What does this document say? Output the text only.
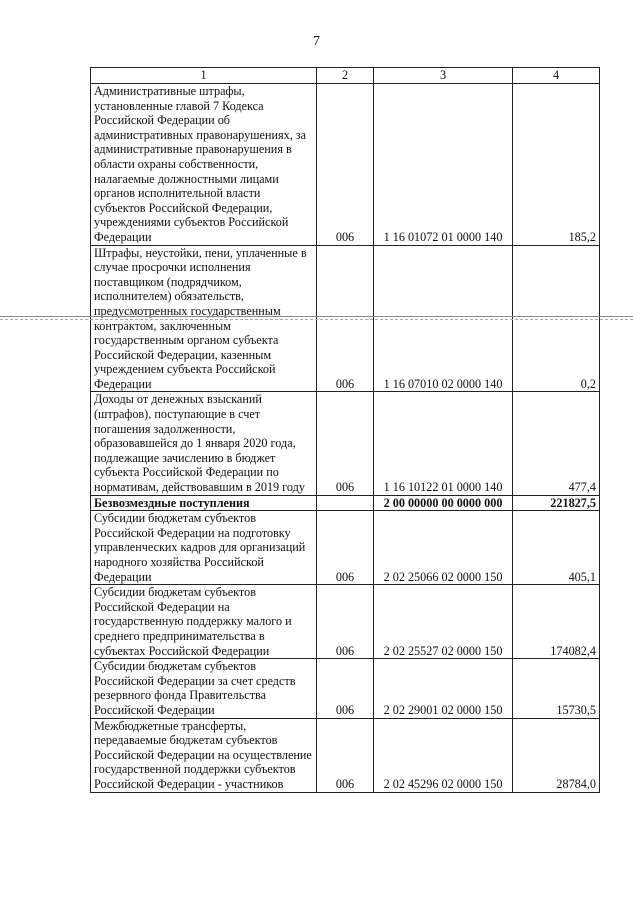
7
1	2	3	4
Административные штрафы, установленные главой 7 Кодекса Российской Федерации об административных правонарушениях, за административные правонарушения в области охраны собственности, налагаемые должностными лицами органов исполнительной власти субъектов Российской Федерации, учреждениями субъектов Российской Федерации	006	1 16 01072 01 0000 140	185,2
Штрафы, неустойки, пени, уплаченные в случае просрочки исполнения поставщиком (подрядчиком, исполнителем) обязательств, предусмотренных государственным контрактом, заключенным государственным органом субъекта Российской Федерации, казенным учреждением субъекта Российской Федерации	006	1 16 07010 02 0000 140	0,2
Доходы от денежных взысканий (штрафов), поступающие в счет погашения задолженности, образовавшейся до 1 января 2020 года, подлежащие зачислению в бюджет субъекта Российской Федерации по нормативам, действовавшим в 2019 году	006	1 16 10122 01 0000 140	477,4
Безвозмездные поступления		2 00 00000 00 0000 000	221827,5
Субсидии бюджетам субъектов Российской Федерации на подготовку управленческих кадров для организаций народного хозяйства Российской Федерации	006	2 02 25066 02 0000 150	405,1
Субсидии бюджетам субъектов Российской Федерации на государственную поддержку малого и среднего предпринимательства в субъектах Российской Федерации	006	2 02 25527 02 0000 150	174082,4
Субсидии бюджетам субъектов Российской Федерации за счет средств резервного фонда Правительства Российской Федерации	006	2 02 29001 02 0000 150	15730,5
Межбюджетные трансферты, передаваемые бюджетам субъектов Российской Федерации на осуществление государственной поддержки субъектов Российской Федерации - участников	006	2 02 45296 02 0000 150	28784,0
